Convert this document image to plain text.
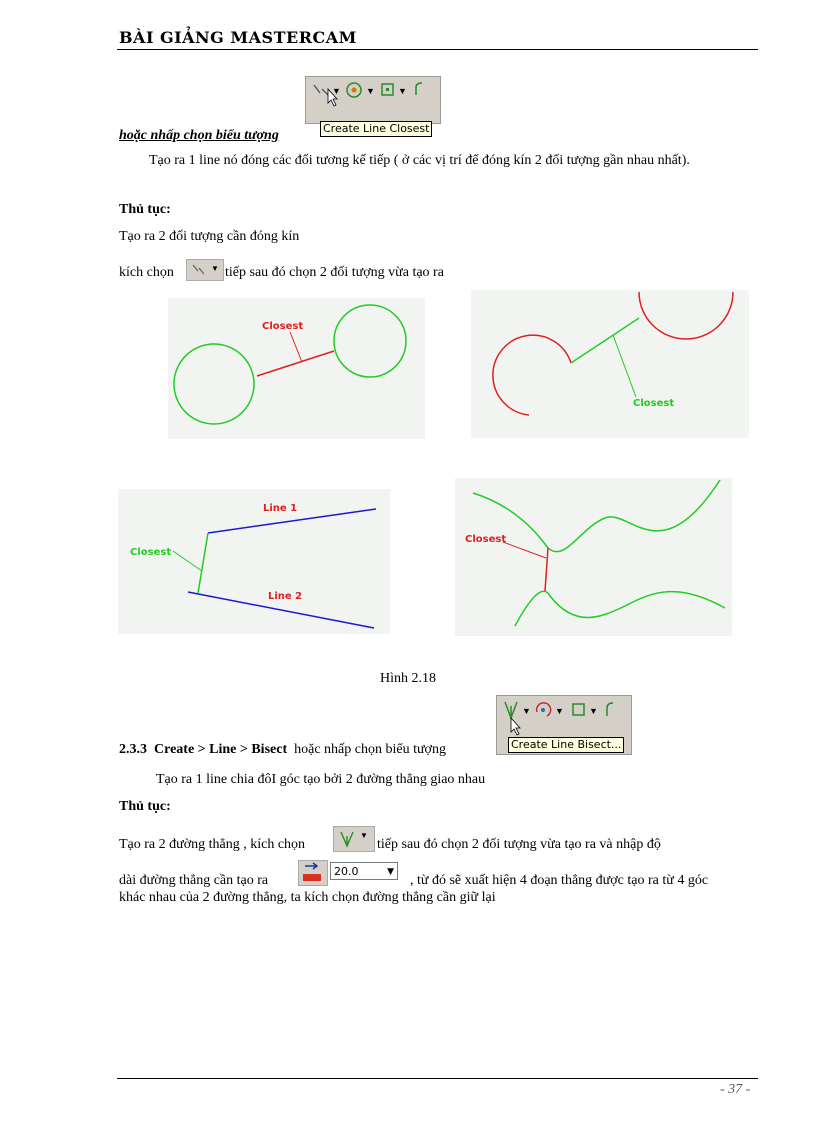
BÀI GIẢNG MASTERCAM
▼	▼	▼
Create Line Closest
hoặc nhấp chọn biểu tượng
Tạo ra 1 line nó đóng các đối tương kế tiếp ( ở các vị trí để đóng kín 2 đối tượng gần nhau nhất).
Thủ tục:
Tạo ra 2 đối tượng cần đóng kín
kích chọn	▼ tiếp sau đó chọn 2 đối tượng vừa tạo ra
Closest
Closest
Closest
Line 1
Line 2
Closest
Hình 2.18
▼	▼	▼
Create Line Bisect...
2.3.3 Create > Line > Bisect hoặc nhấp chọn biểu tượng
Tạo ra 1 line chia đôI góc tạo bởi 2 đường thẳng giao nhau
Thủ tục:
Tạo ra 2 đường thẳng , kích chọn
▼
tiếp sau đó chọn 2 đối tượng vừa tạo ra và nhập độ
dài đường thẳng cần tạo ra
20.0	▼
, từ đó sẽ xuất hiện 4 đoạn thẳng được tạo ra từ 4 góc
khác nhau của 2 đường thẳng, ta kích chọn đường thẳng cần giữ lại
- 37 -
